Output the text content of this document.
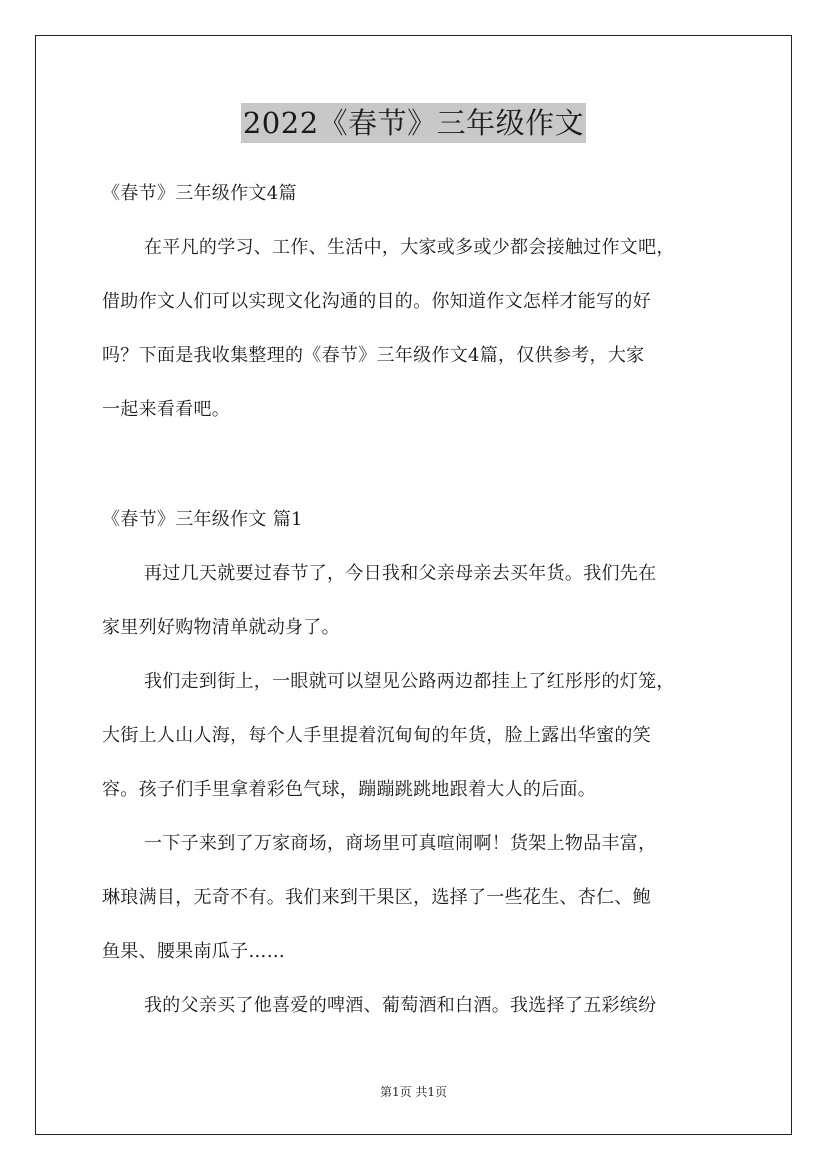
2022《春节》三年级作文
《春节》三年级作文4篇
在平凡的学习、工作、生活中，大家或多或少都会接触过作文吧，
借助作文人们可以实现文化沟通的目的。你知道作文怎样才能写的好
吗？下面是我收集整理的《春节》三年级作文4篇，仅供参考，大家
一起来看看吧。
《春节》三年级作文 篇1
再过几天就要过春节了，今日我和父亲母亲去买年货。我们先在
家里列好购物清单就动身了。
我们走到街上，一眼就可以望见公路两边都挂上了红彤彤的灯笼，
大街上人山人海，每个人手里提着沉甸甸的年货，脸上露出华蜜的笑
容。孩子们手里拿着彩色气球，蹦蹦跳跳地跟着大人的后面。
一下子来到了万家商场，商场里可真喧闹啊！货架上物品丰富，
琳琅满目，无奇不有。我们来到干果区，选择了一些花生、杏仁、鲍
鱼果、腰果南瓜子……
我的父亲买了他喜爱的啤酒、葡萄酒和白酒。我选择了五彩缤纷
第1页 共1页
